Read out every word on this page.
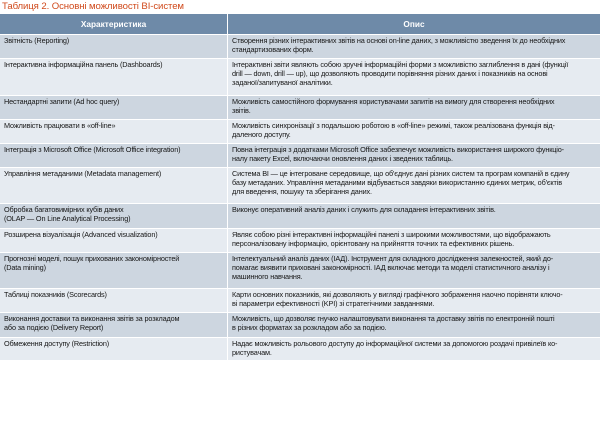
Таблиця 2. Основні можливості BI-систем
Характеристика	Опис

Звітність (Reporting)	Створення різних інтерактивних звітів на основі on-line даних, з можливістю зведення їх до необхідних
стандартизованих форм.

Інтерактивна інформаційна панель (Dashboards)	Інтерактивні звіти являють собою зручні інформаційні форми з можливістю заглиблення в дані (функції
drill — down, drill — up), що дозволяють проводити порівняння різних даних і показників на основі
заданої/запитуваної аналітики.

Нестандартні запити (Ad hoc query)	Можливість самостійного формування користувачами запитів на вимогу для створення необхідних
звітів.

Можливість працювати в «off-line»	Можливість синхронізації з подальшою роботою в «off-line» режимі, також реалізована функція від-
даленого доступу.

Інтеграція з Microsoft Office (Microsoft Office integration)	Повна інтеграція з додатками Microsoft Office забезпечує можливість використання широкого функціо-
налу пакету Excel, включаючи оновлення даних і зведених таблиць.

Управління метаданими (Metadata management)	Система BI — це інтегроване середовище, що об'єднує дані різних систем та програм компаній в єдину
базу метаданих. Управління метаданими відбувається завдяки використанню єдиних метрик, об'єктів
для введення, пошуку та зберігання даних.

Обробка багатовимірних кубів даних
(OLAP — On Line Analytical Processing)	Виконує оперативний аналіз даних і служить для складання інтерактивних звітів.

Розширена візуалізація (Advanced visualization)	Являє собою різні інтерактивні інформаційні панелі з широкими можливостями, що відображають
персоналізовану інформацію, орієнтовану на прийняття точних та ефективних рішень.

Прогнозні моделі, пошук прихованих закономірностей
(Data mining)	Інтелектуальний аналіз даних (ІАД). Інструмент для складного дослідження залежностей, який до-
помагає виявити приховані закономірності. ІАД включає методи та моделі статистичного аналізу і
машинного навчання.

Таблиці показників (Scorecards)	Карти основних показників, які дозволяють у вигляді графічного зображення наочно порівняти ключо-
ві параметри ефективності (KPI) зі стратегічними завданнями.

Виконання доставки та виконання звітів за розкладом
або за подією (Delivery Report)	Можливість, що дозволяє гнучко налаштовувати виконання та доставку звітів по електронній пошті
в різних форматах за розкладом або за подією.

Обмеження доступу (Restriction)	Надає можливість рольового доступу до інформаційної системи за допомогою роздачі привілеїв ко-
ристувачам.
